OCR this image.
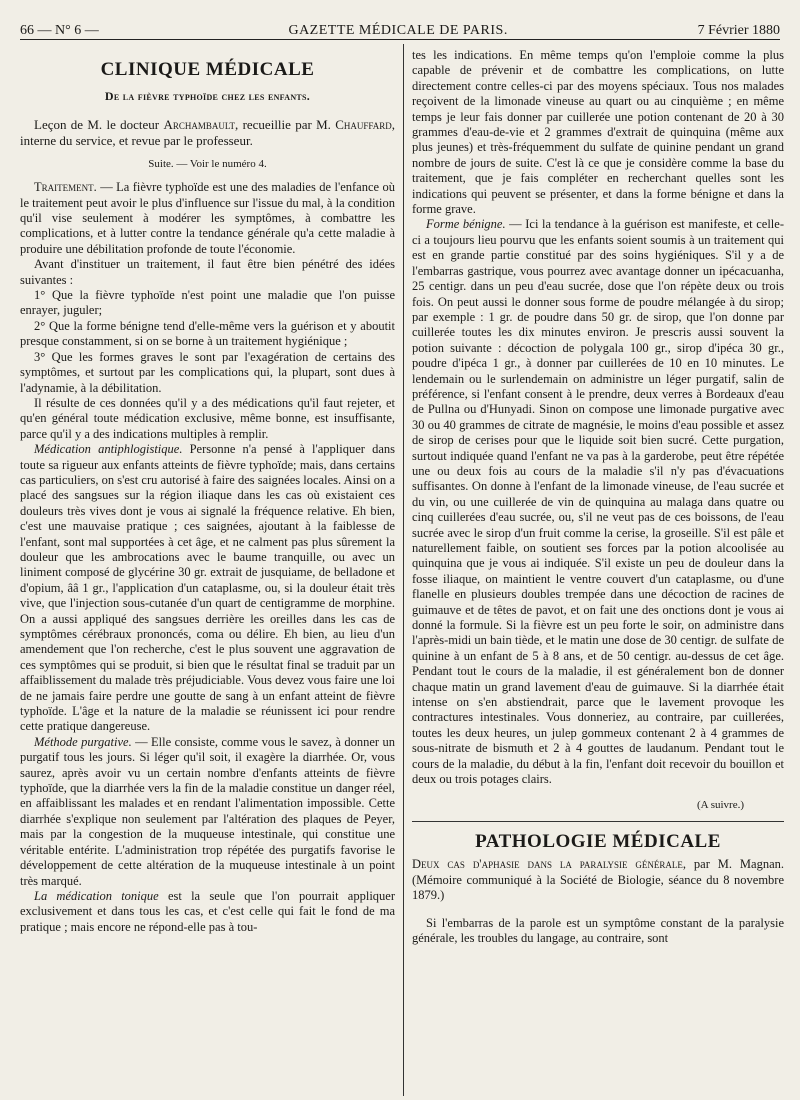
66 — N° 6 —	GAZETTE MÉDICALE DE PARIS.	7 Février 1880
CLINIQUE MÉDICALE
De la fièvre typhoïde chez les enfants.

Leçon de M. le docteur Archambault, recueillie par M. Chauffard, interne du service, et revue par le professeur.

Suite. — Voir le numéro 4.

Traitement. — La fièvre typhoïde est une des maladies de l'enfance où le traitement peut avoir le plus d'influence sur l'issue du mal, à la condition qu'il vise seulement à modérer les symptômes, à combattre les complications, et à lutter contre la tendance générale qu'a cette maladie à produire une débilitation profonde de toute l'économie.

Avant d'instituer un traitement, il faut être bien pénétré des idées suivantes :

1° Que la fièvre typhoïde n'est point une maladie que l'on puisse enrayer, juguler;

2° Que la forme bénigne tend d'elle-même vers la guérison et y aboutit presque constamment, si on se borne à un traitement hygiénique ;

3° Que les formes graves le sont par l'exagération de certains des symptômes, et surtout par les complications qui, la plupart, sont dues à l'adynamie, à la débilitation.

Il résulte de ces données qu'il y a des médications qu'il faut rejeter, et qu'en général toute médication exclusive, même bonne, est insuffisante, parce qu'il y a des indications multiples à remplir.

Médication antiphlogistique. Personne n'a pensé à l'appliquer dans toute sa rigueur aux enfants atteints de fièvre typhoïde; mais, dans certains cas particuliers, on s'est cru autorisé à faire des saignées locales. Ainsi on a placé des sangsues sur la région iliaque dans les cas où existaient ces douleurs très vives dont je vous ai signalé la fréquence relative. Eh bien, c'est une mauvaise pratique ; ces saignées, ajoutant à la faiblesse de l'enfant, sont mal supportées à cet âge, et ne calment pas plus sûrement la douleur que les ambrocations avec le baume tranquille, ou avec un liniment composé de glycérine 30 gr. extrait de jusquiame, de belladone et d'opium, ââ 1 gr., l'application d'un cataplasme, ou, si la douleur était très vive, que l'injection sous-cutanée d'un quart de centigramme de morphine. On a aussi appliqué des sangsues derrière les oreilles dans les cas de symptômes cérébraux prononcés, coma ou délire. Eh bien, au lieu d'un amendement que l'on recherche, c'est le plus souvent une aggravation de ces symptômes qui se produit, si bien que le résultat final se traduit par un affaiblissement du malade très préjudiciable. Vous devez vous faire une loi de ne jamais faire perdre une goutte de sang à un enfant atteint de fièvre typhoïde. L'âge et la nature de la maladie se réunissent ici pour rendre cette pratique dangereuse.

Méthode purgative. — Elle consiste, comme vous le savez, à donner un purgatif tous les jours. Si léger qu'il soit, il exagère la diarrhée. Or, vous saurez, après avoir vu un certain nombre d'enfants atteints de fièvre typhoïde, que la diarrhée vers la fin de la maladie constitue un danger réel, en affaiblissant les malades et en rendant l'alimentation impossible. Cette diarrhée s'explique non seulement par l'altération des plaques de Peyer, mais par la congestion de la muqueuse intestinale, qui constitue une véritable entérite. L'administration trop répétée des purgatifs favorise le développement de cette altération de la muqueuse intestinale à un point très marqué.

La médication tonique est la seule que l'on pourrait appliquer exclusivement et dans tous les cas, et c'est celle qui fait le fond de ma pratique ; mais encore ne répond-elle pas à tou-

tes les indications. En même temps qu'on l'emploie comme la plus capable de prévenir et de combattre les complications, on lutte directement contre celles-ci par des moyens spéciaux. Tous nos malades reçoivent de la limonade vineuse au quart ou au cinquième ; en même temps je leur fais donner par cuillerée une potion contenant de 20 à 30 grammes d'eau-de-vie et 2 grammes d'extrait de quinquina (même aux plus jeunes) et très-fréquemment du sulfate de quinine pendant un grand nombre de jours de suite. C'est là ce que je considère comme la base du traitement, que je fais compléter en recherchant quelles sont les indications qui peuvent se présenter, et dans la forme bénigne et dans la forme grave.

Forme bénigne. — Ici la tendance à la guérison est manifeste, et celle-ci a toujours lieu pourvu que les enfants soient soumis à un traitement qui est en grande partie constitué par des soins hygiéniques. S'il y a de l'embarras gastrique, vous pourrez avec avantage donner un ipécacuanha, 25 centigr. dans un peu d'eau sucrée, dose que l'on répète deux ou trois fois. On peut aussi le donner sous forme de poudre mélangée à du sirop; par exemple : 1 gr. de poudre dans 50 gr. de sirop, que l'on donne par cuillerée toutes les dix minutes environ. Je prescris aussi souvent la potion suivante : décoction de polygala 100 gr., sirop d'ipéca 30 gr., poudre d'ipéca 1 gr., à donner par cuillerées de 10 en 10 minutes. Le lendemain ou le surlendemain on administre un léger purgatif, salin de préférence, si l'enfant consent à le prendre, deux verres à Bordeaux d'eau de Pullna ou d'Hunyadi. Sinon on compose une limonade purgative avec 30 ou 40 grammes de citrate de magnésie, le moins d'eau possible et assez de sirop de cerises pour que le liquide soit bien sucré. Cette purgation, surtout indiquée quand l'enfant ne va pas à la garderobe, peut être répétée une ou deux fois au cours de la maladie s'il n'y pas d'évacuations suffisantes. On donne à l'enfant de la limonade vineuse, de l'eau sucrée et du vin, ou une cuillerée de vin de quinquina au malaga dans quatre ou cinq cuillerées d'eau sucrée, ou, s'il ne veut pas de ces boissons, de l'eau sucrée avec le sirop d'un fruit comme la cerise, la groseille. S'il est pâle et naturellement faible, on soutient ses forces par la potion alcoolisée au quinquina que je vous ai indiquée. S'il existe un peu de douleur dans la fosse iliaque, on maintient le ventre couvert d'un cataplasme, ou d'une flanelle en plusieurs doubles trempée dans une décoction de racines de guimauve et de têtes de pavot, et on fait une des onctions dont je vous ai donné la formule. Si la fièvre est un peu forte le soir, on administre dans l'après-midi un bain tiède, et le matin une dose de 30 centigr. de sulfate de quinine à un enfant de 5 à 8 ans, et de 50 centigr. au-dessus de cet âge. Pendant tout le cours de la maladie, il est généralement bon de donner chaque matin un grand lavement d'eau de guimauve. Si la diarrhée était intense on s'en abstiendrait, parce que le lavement provoque les contractures intestinales. Vous donneriez, au contraire, par cuillerées, toutes les deux heures, un julep gommeux contenant 2 à 4 grammes de sous-nitrate de bismuth et 2 à 4 gouttes de laudanum. Pendant tout le cours de la maladie, du début à la fin, l'enfant doit recevoir du bouillon et deux ou trois potages clairs.

(A suivre.)
PATHOLOGIE MÉDICALE

Deux cas d'aphasie dans la paralysie générale, par M. Magnan. (Mémoire communiqué à la Société de Biologie, séance du 8 novembre 1879.)

Si l'embarras de la parole est un symptôme constant de la paralysie générale, les troubles du langage, au contraire, sont
